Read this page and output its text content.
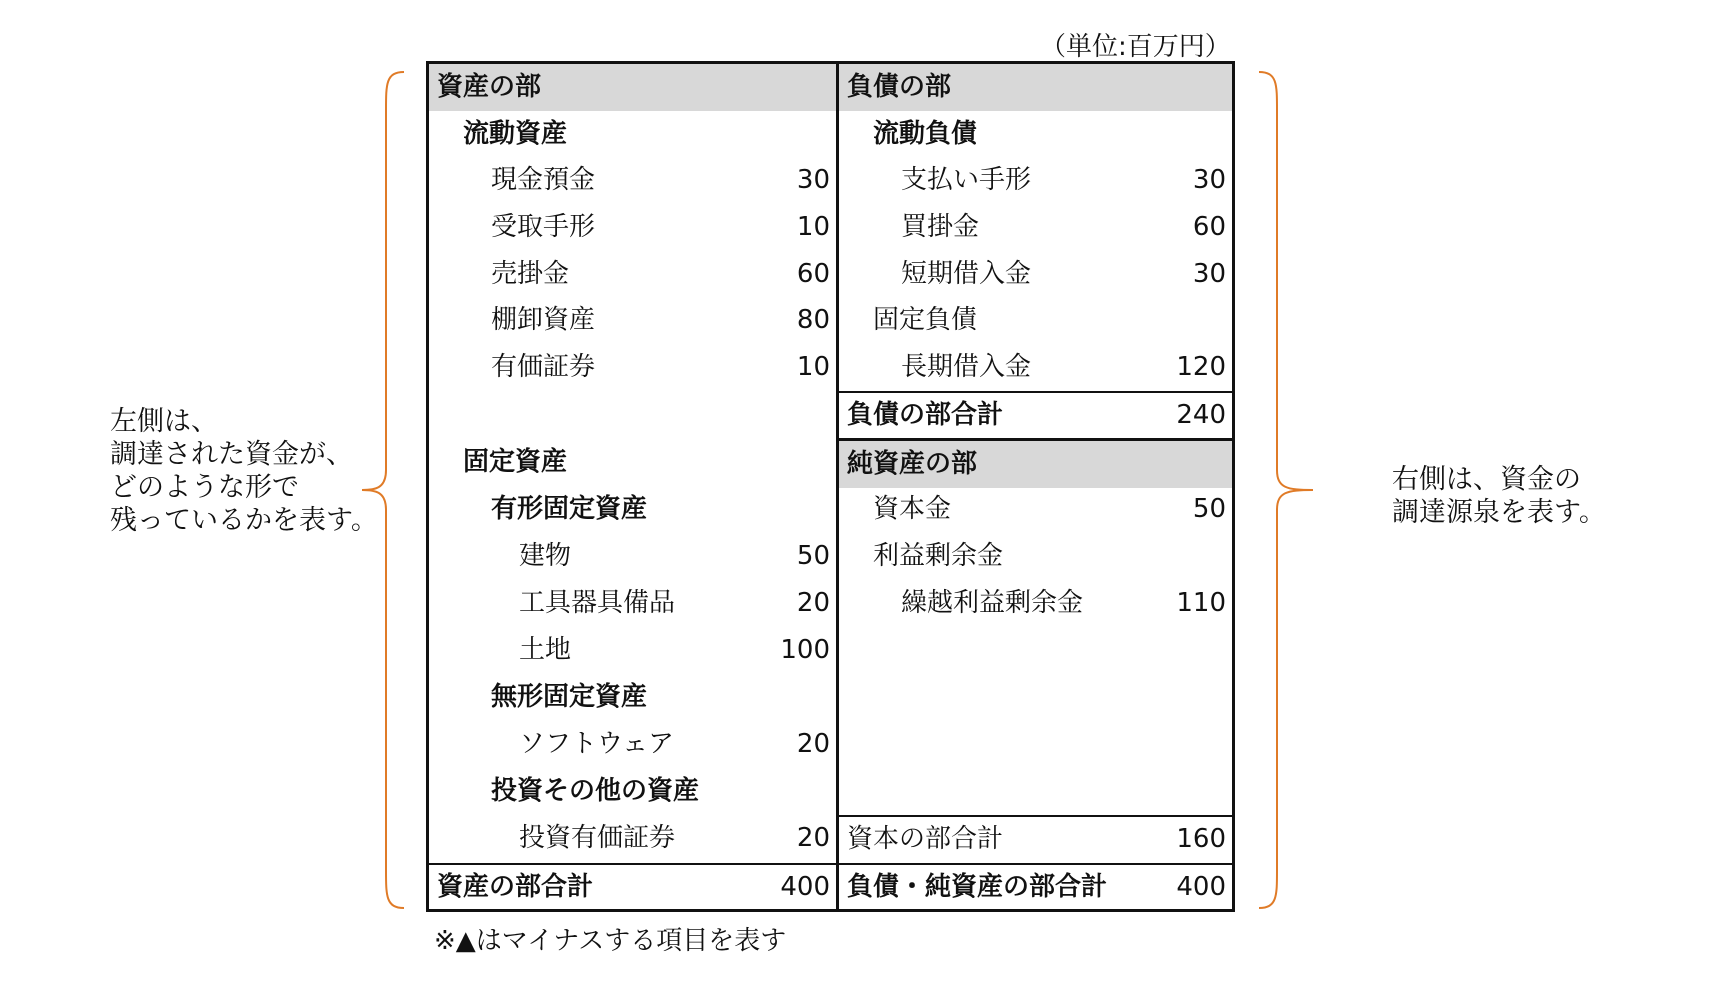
（単位:百万円）
資産の部
流動資産
現金預金	30
受取手形	10
売掛金	60
棚卸資産	80
有価証券	10
固定資産
有形固定資産
建物	50
工具器具備品	20
土地	100
無形固定資産
ソフトウェア	20
投資その他の資産
投資有価証券	20
資産の部合計	400
負債の部
流動負債
支払い手形	30
買掛金	60
短期借入金	30
固定負債
長期借入金	120
負債の部合計	240
純資産の部
資本金	50
利益剰余金
繰越利益剰余金	110
資本の部合計	160
負債・純資産の部合計	400
※▲はマイナスする項目を表す
左側は、
調達された資金が、
どのような形で
残っているかを表す。
右側は、資金の
調達源泉を表す。
